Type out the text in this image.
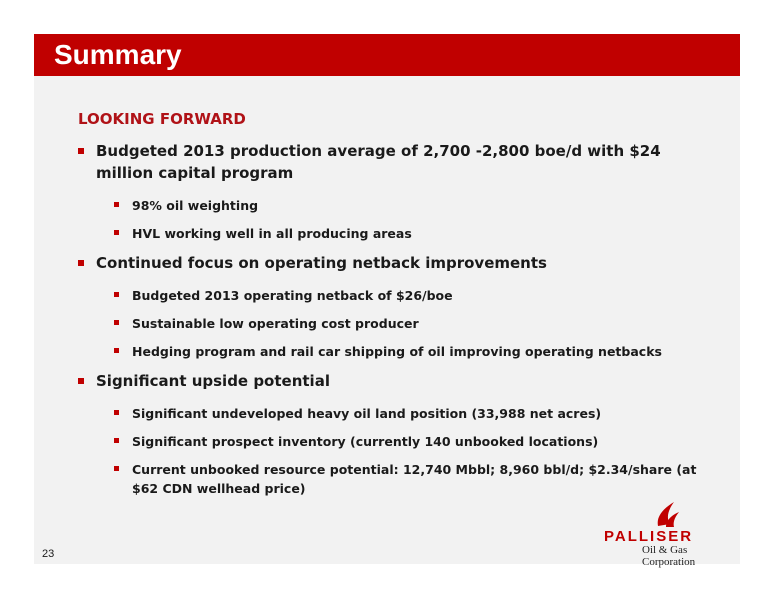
Summary
LOOKING FORWARD
Budgeted 2013 production average of 2,700 -2,800 boe/d with $24 million capital program
98% oil weighting
HVL working well in all producing areas
Continued focus on operating netback improvements
Budgeted 2013 operating netback of $26/boe
Sustainable low operating cost producer
Hedging program and rail car shipping of oil improving operating netbacks
Significant upside potential
Significant undeveloped heavy oil land position (33,988 net acres)
Significant prospect inventory (currently 140 unbooked locations)
Current unbooked resource potential: 12,740 Mbbl; 8,960 bbl/d; $2.34/share (at $62 CDN wellhead price)
23
PALLISER
Oil & Gas Corporation
